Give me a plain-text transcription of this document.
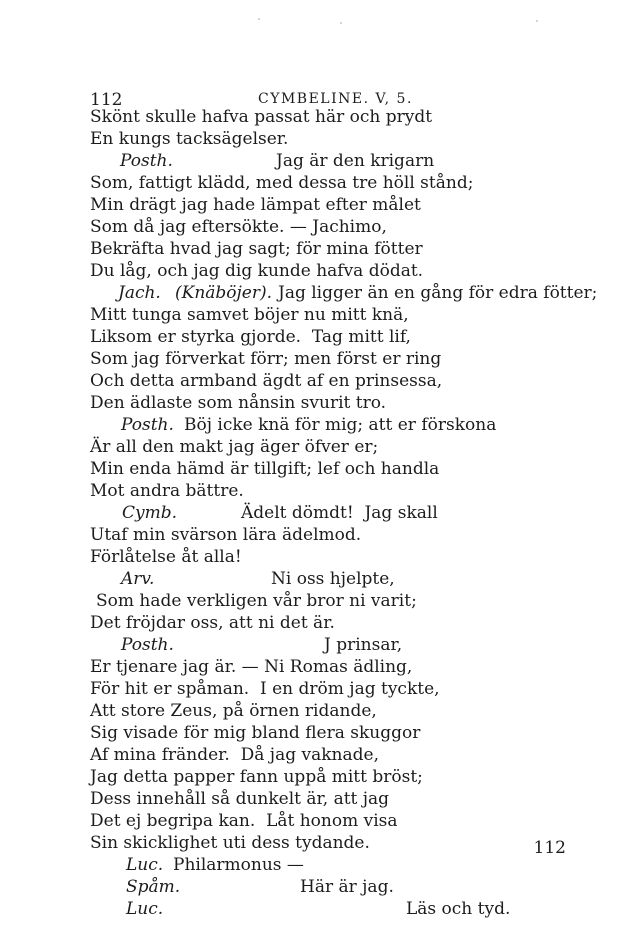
112	CYMBELINE. V, 5.
Skönt skulle hafva passat här och prydt
En kungs tacksägelser.
Posth.	Jag är den krigarn
Som, fattigt klädd, med dessa tre höll stånd;
Min drägt jag hade lämpat efter målet
Som då jag eftersökte. — Jachimo,
Bekräfta hvad jag sagt; för mina fötter
Du låg, och jag dig kunde hafva dödat.
Jach. (Knäböjer). Jag ligger än en gång för edra fötter;
Mitt tunga samvet böjer nu mitt knä,
Liksom er styrka gjorde.  Tag mitt lif,
Som jag förverkat förr; men först er ring
Och detta armband ägdt af en prinsessa,
Den ädlaste som nånsin svurit tro.
Posth. Böj icke knä för mig; att er förskona
Är all den makt jag äger öfver er;
Min enda hämd är tillgift; lef och handla
Mot andra bättre.
Cymb.	Ädelt dömdt!  Jag skall
Utaf min svärson lära ädelmod.
Förlåtelse åt alla!
Arv.	Ni oss hjelpte,
Som hade verkligen vår bror ni varit;
Det fröjdar oss, att ni det är.
Posth.	J prinsar,
Er tjenare jag är. — Ni Romas ädling,
För hit er spåman.  I en dröm jag tyckte,
Att store Zeus, på örnen ridande,
Sig visade för mig bland flera skuggor
Af mina fränder.  Då jag vaknade,
Jag detta papper fann uppå mitt bröst;
Dess innehåll så dunkelt är, att jag
Det ej begripa kan.  Låt honom visa
Sin skicklighet uti dess tydande.
Luc. Philarmonus —
Spåm.	Här är jag.
Luc.	Läs och tyd.
112
